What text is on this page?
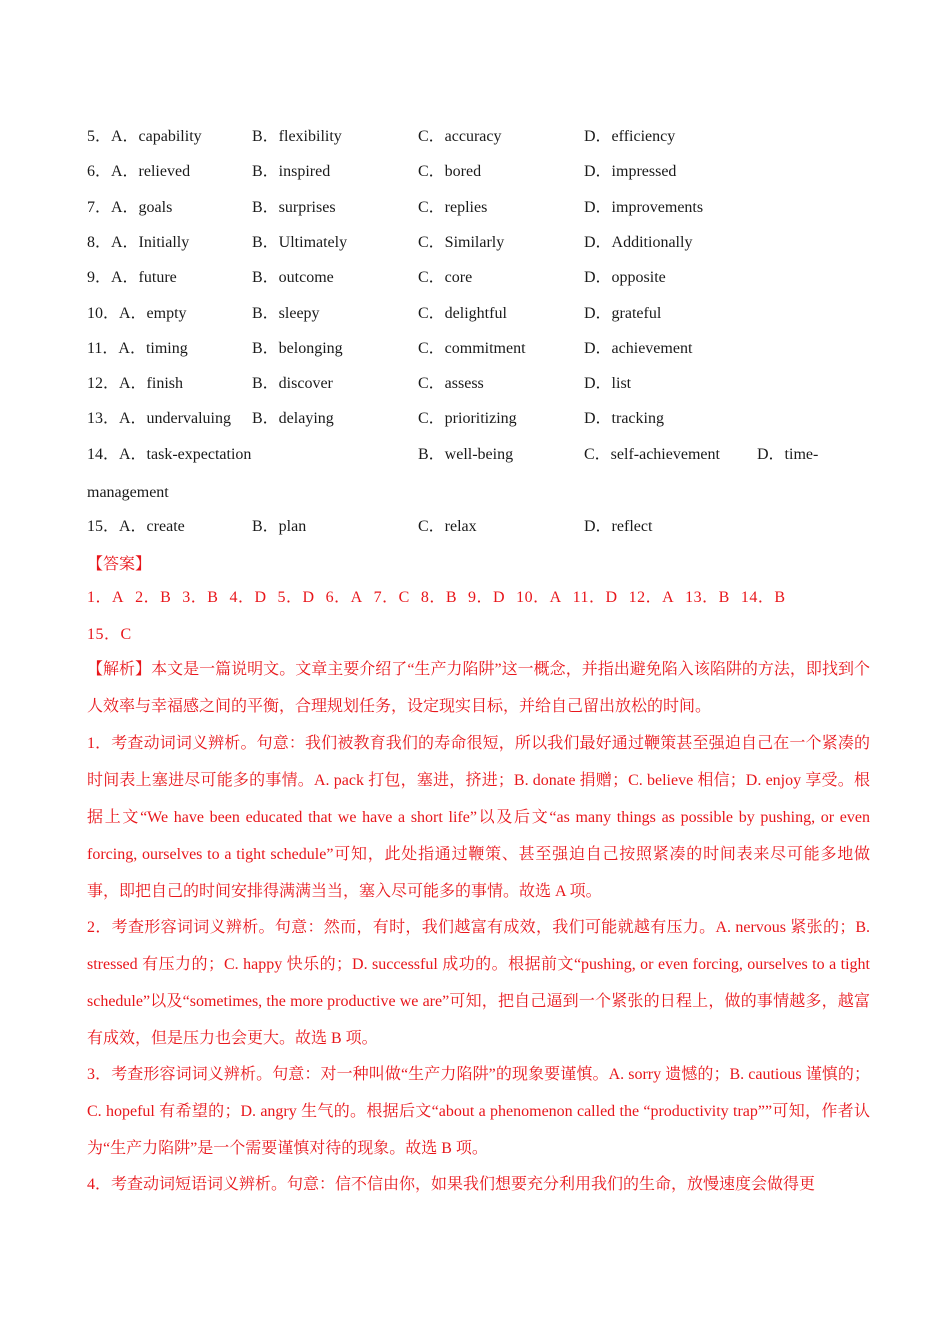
5．A．capability	B．flexibility	C．accuracy	D．efficiency
6．A．relieved	B．inspired	C．bored	D．impressed
7．A．goals	B．surprises	C．replies	D．improvements
8．A．Initially	B．Ultimately	C．Similarly	D．Additionally
9．A．future	B．outcome	C．core	D．opposite
10．A．empty	B．sleepy	C．delightful	D．grateful
11．A．timing	B．belonging	C．commitment	D．achievement
12．A．finish	B．discover	C．assess	D．list
13．A．undervaluing B．delaying	C．prioritizing	D．tracking
14．A．task-expectation	B．well-being	C．self-achievement D．time-
management
15．A．create	B．plan	C．relax	D．reflect
【答案】
1．A 2．B 3．B 4．D 5．D 6．A 7．C 8．B 9．D 10．A 11．D 12．A 13．B 14．B
15．C
【解析】本文是一篇说明文。文章主要介绍了“生产力陷阱”这一概念，并指出避免陷入该陷阱的方法，即找到个人效率与幸福感之间的平衡，合理规划任务，设定现实目标，并给自己留出放松的时间。
1．考查动词词义辨析。句意：我们被教育我们的寿命很短，所以我们最好通过鞭策甚至强迫自己在一个紧凑的时间表上塞进尽可能多的事情。A. pack 打包，塞进，挤进；B. donate 捐赠；C. believe 相信；D. enjoy 享受。根据上文“We have been educated that we have a short life”以及后文“as many things as possible by pushing, or even forcing, ourselves to a tight schedule”可知，此处指通过鞭策、甚至强迫自己按照紧凑的时间表来尽可能多地做事，即把自己的时间安排得满满当当，塞入尽可能多的事情。故选 A 项。
2．考查形容词词义辨析。句意：然而，有时，我们越富有成效，我们可能就越有压力。A. nervous 紧张的；B. stressed 有压力的；C. happy 快乐的；D. successful 成功的。根据前文“pushing, or even forcing, ourselves to a tight schedule”以及“sometimes, the more productive we are”可知，把自己逼到一个紧张的日程上，做的事情越多，越富有成效，但是压力也会更大。故选 B 项。
3．考查形容词词义辨析。句意：对一种叫做“生产力陷阱”的现象要谨慎。A. sorry 遗憾的；B. cautious 谨慎的；C. hopeful 有希望的；D. angry 生气的。根据后文“about a phenomenon called the “productivity trap””可知，作者认为“生产力陷阱”是一个需要谨慎对待的现象。故选 B 项。
4．考查动词短语词义辨析。句意：信不信由你，如果我们想要充分利用我们的生命，放慢速度会做得更
